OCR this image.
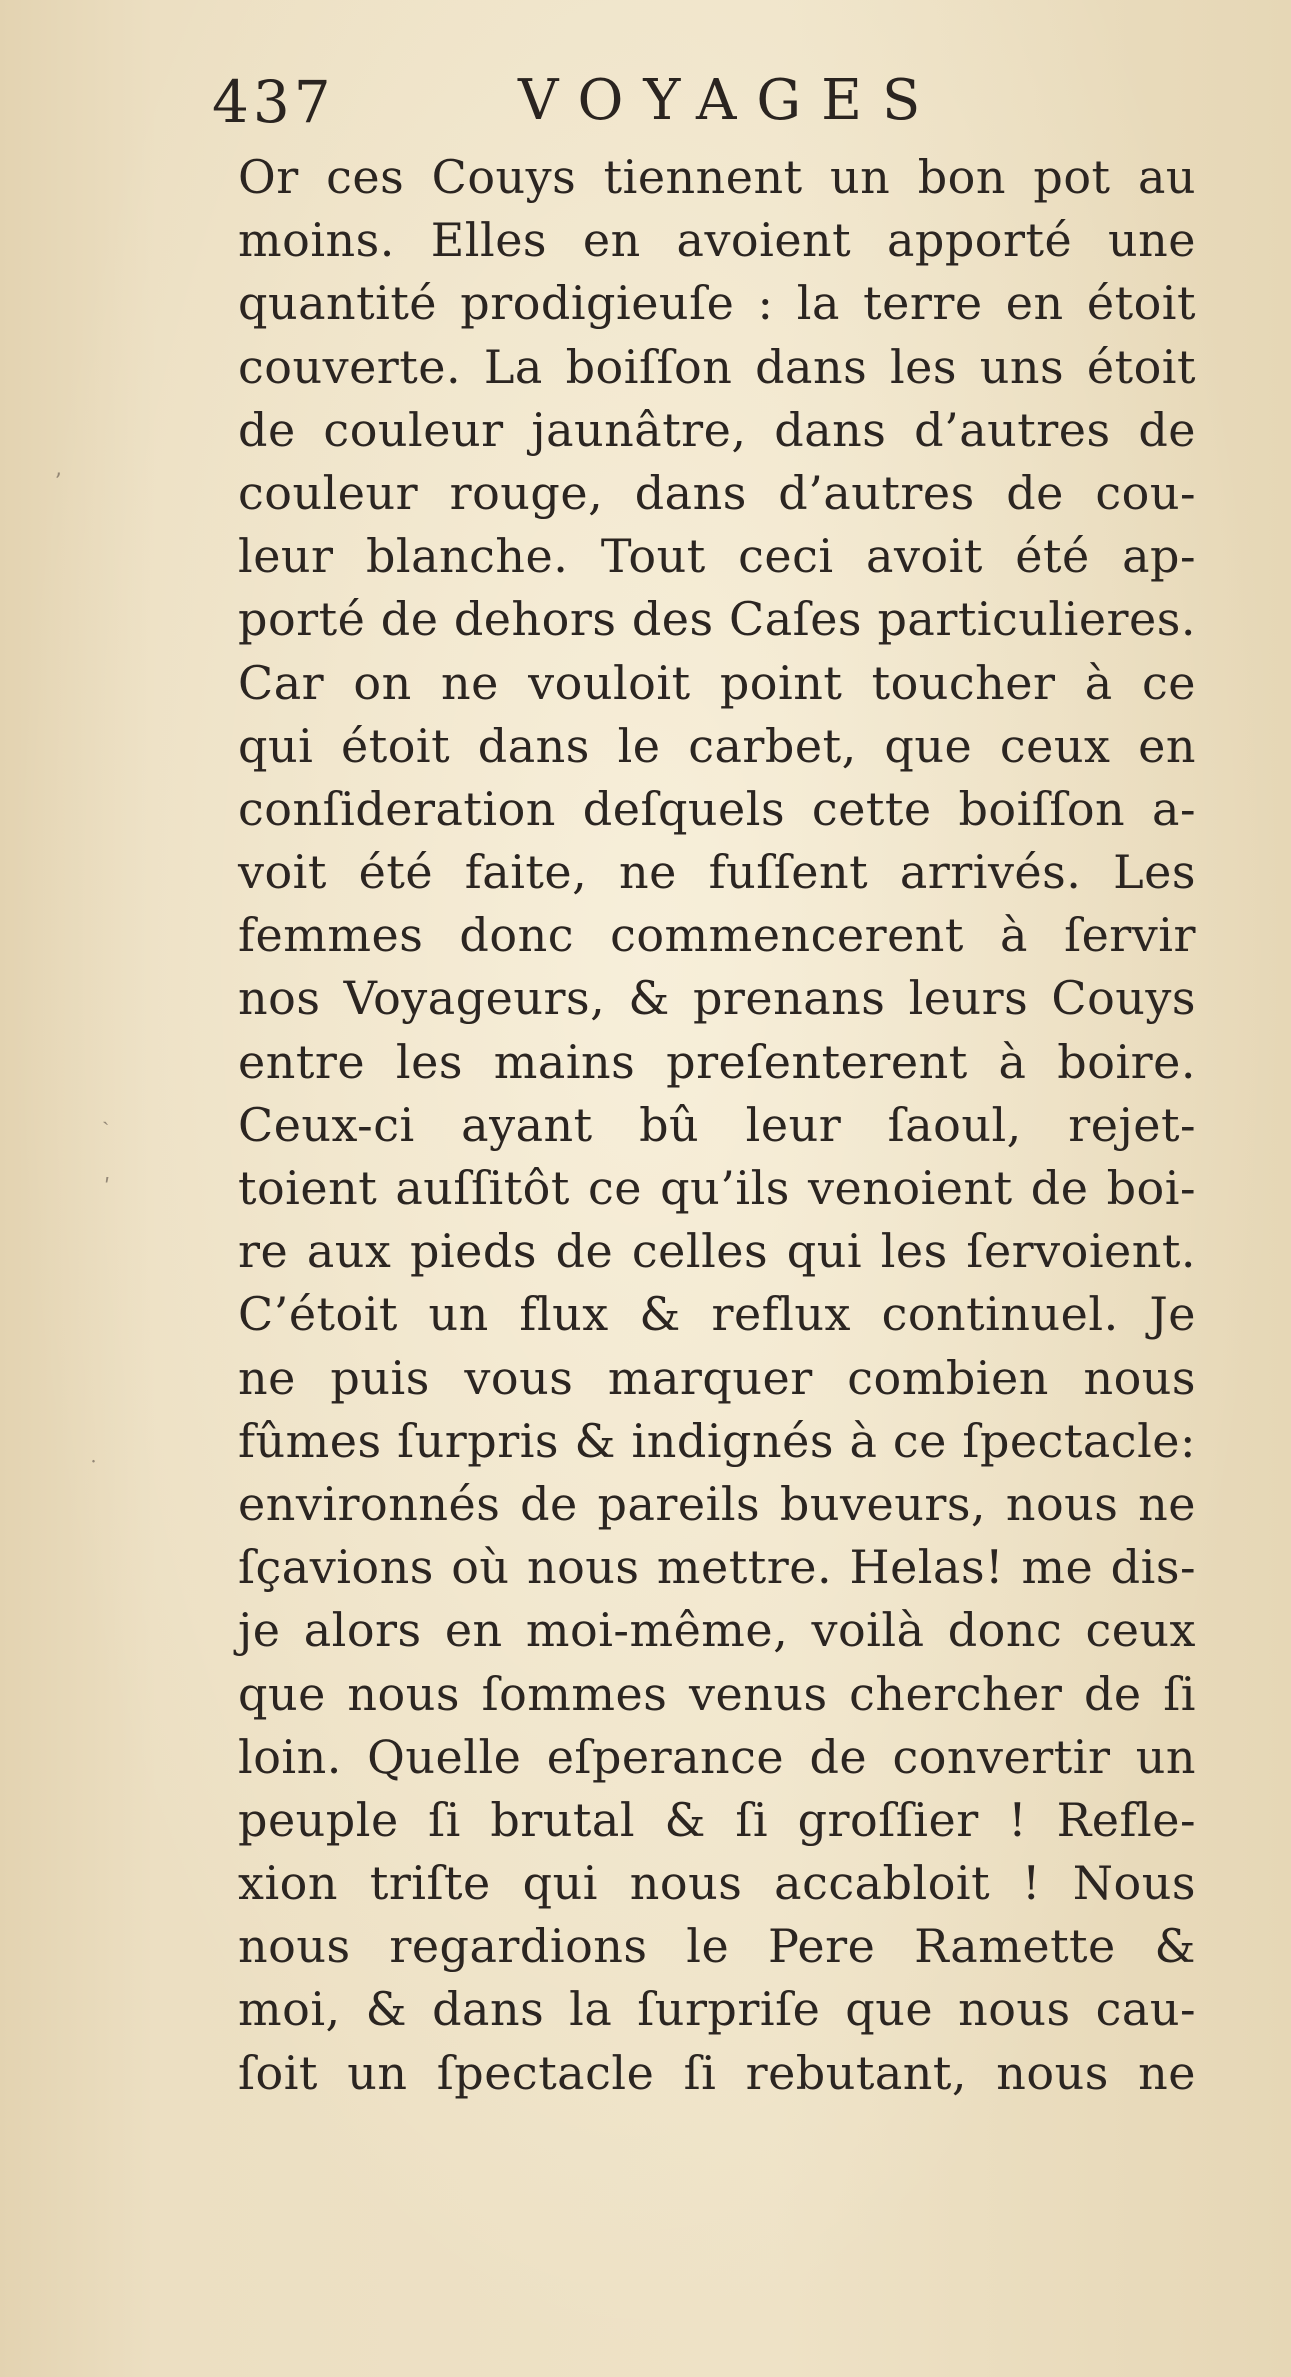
437	VOYAGES
Or ces Couys tiennent un bon pot au
moins. Elles en avoient apporté une
quantité prodigieuſe : la terre en étoit
couverte. La boiſſon dans les uns étoit
de couleur jaunâtre, dans d’autres de
couleur rouge, dans d’autres de cou-
leur blanche. Tout ceci avoit été ap-
porté de dehors des Caſes particulieres.
Car on ne vouloit point toucher à ce
qui étoit dans le carbet, que ceux en
conſideration deſquels cette boiſſon a-
voit été faite, ne fuſſent arrivés. Les
femmes donc commencerent à ſervir
nos Voyageurs, & prenans leurs Couys
entre les mains preſenterent à boire.
Ceux-ci ayant bû leur ſaoul, rejet-
toient auſſitôt ce qu’ils venoient de boi-
re aux pieds de celles qui les ſervoient.
C’étoit un flux & reflux continuel. Je
ne puis vous marquer combien nous
fûmes ſurpris & indignés à ce ſpectacle:
environnés de pareils buveurs, nous ne
ſçavions où nous mettre. Helas! me dis-
je alors en moi-même, voilà donc ceux
que nous ſommes venus chercher de ſi
loin. Quelle eſperance de convertir un
peuple ſi brutal & ſi groſſier ! Refle-
xion triſte qui nous accabloit ! Nous
nous regardions le Pere Ramette &
moi, & dans la ſurpriſe que nous cau-
ſoit un ſpectacle ſi rebutant, nous ne
ʼ
ˎ
ʹ
˙
